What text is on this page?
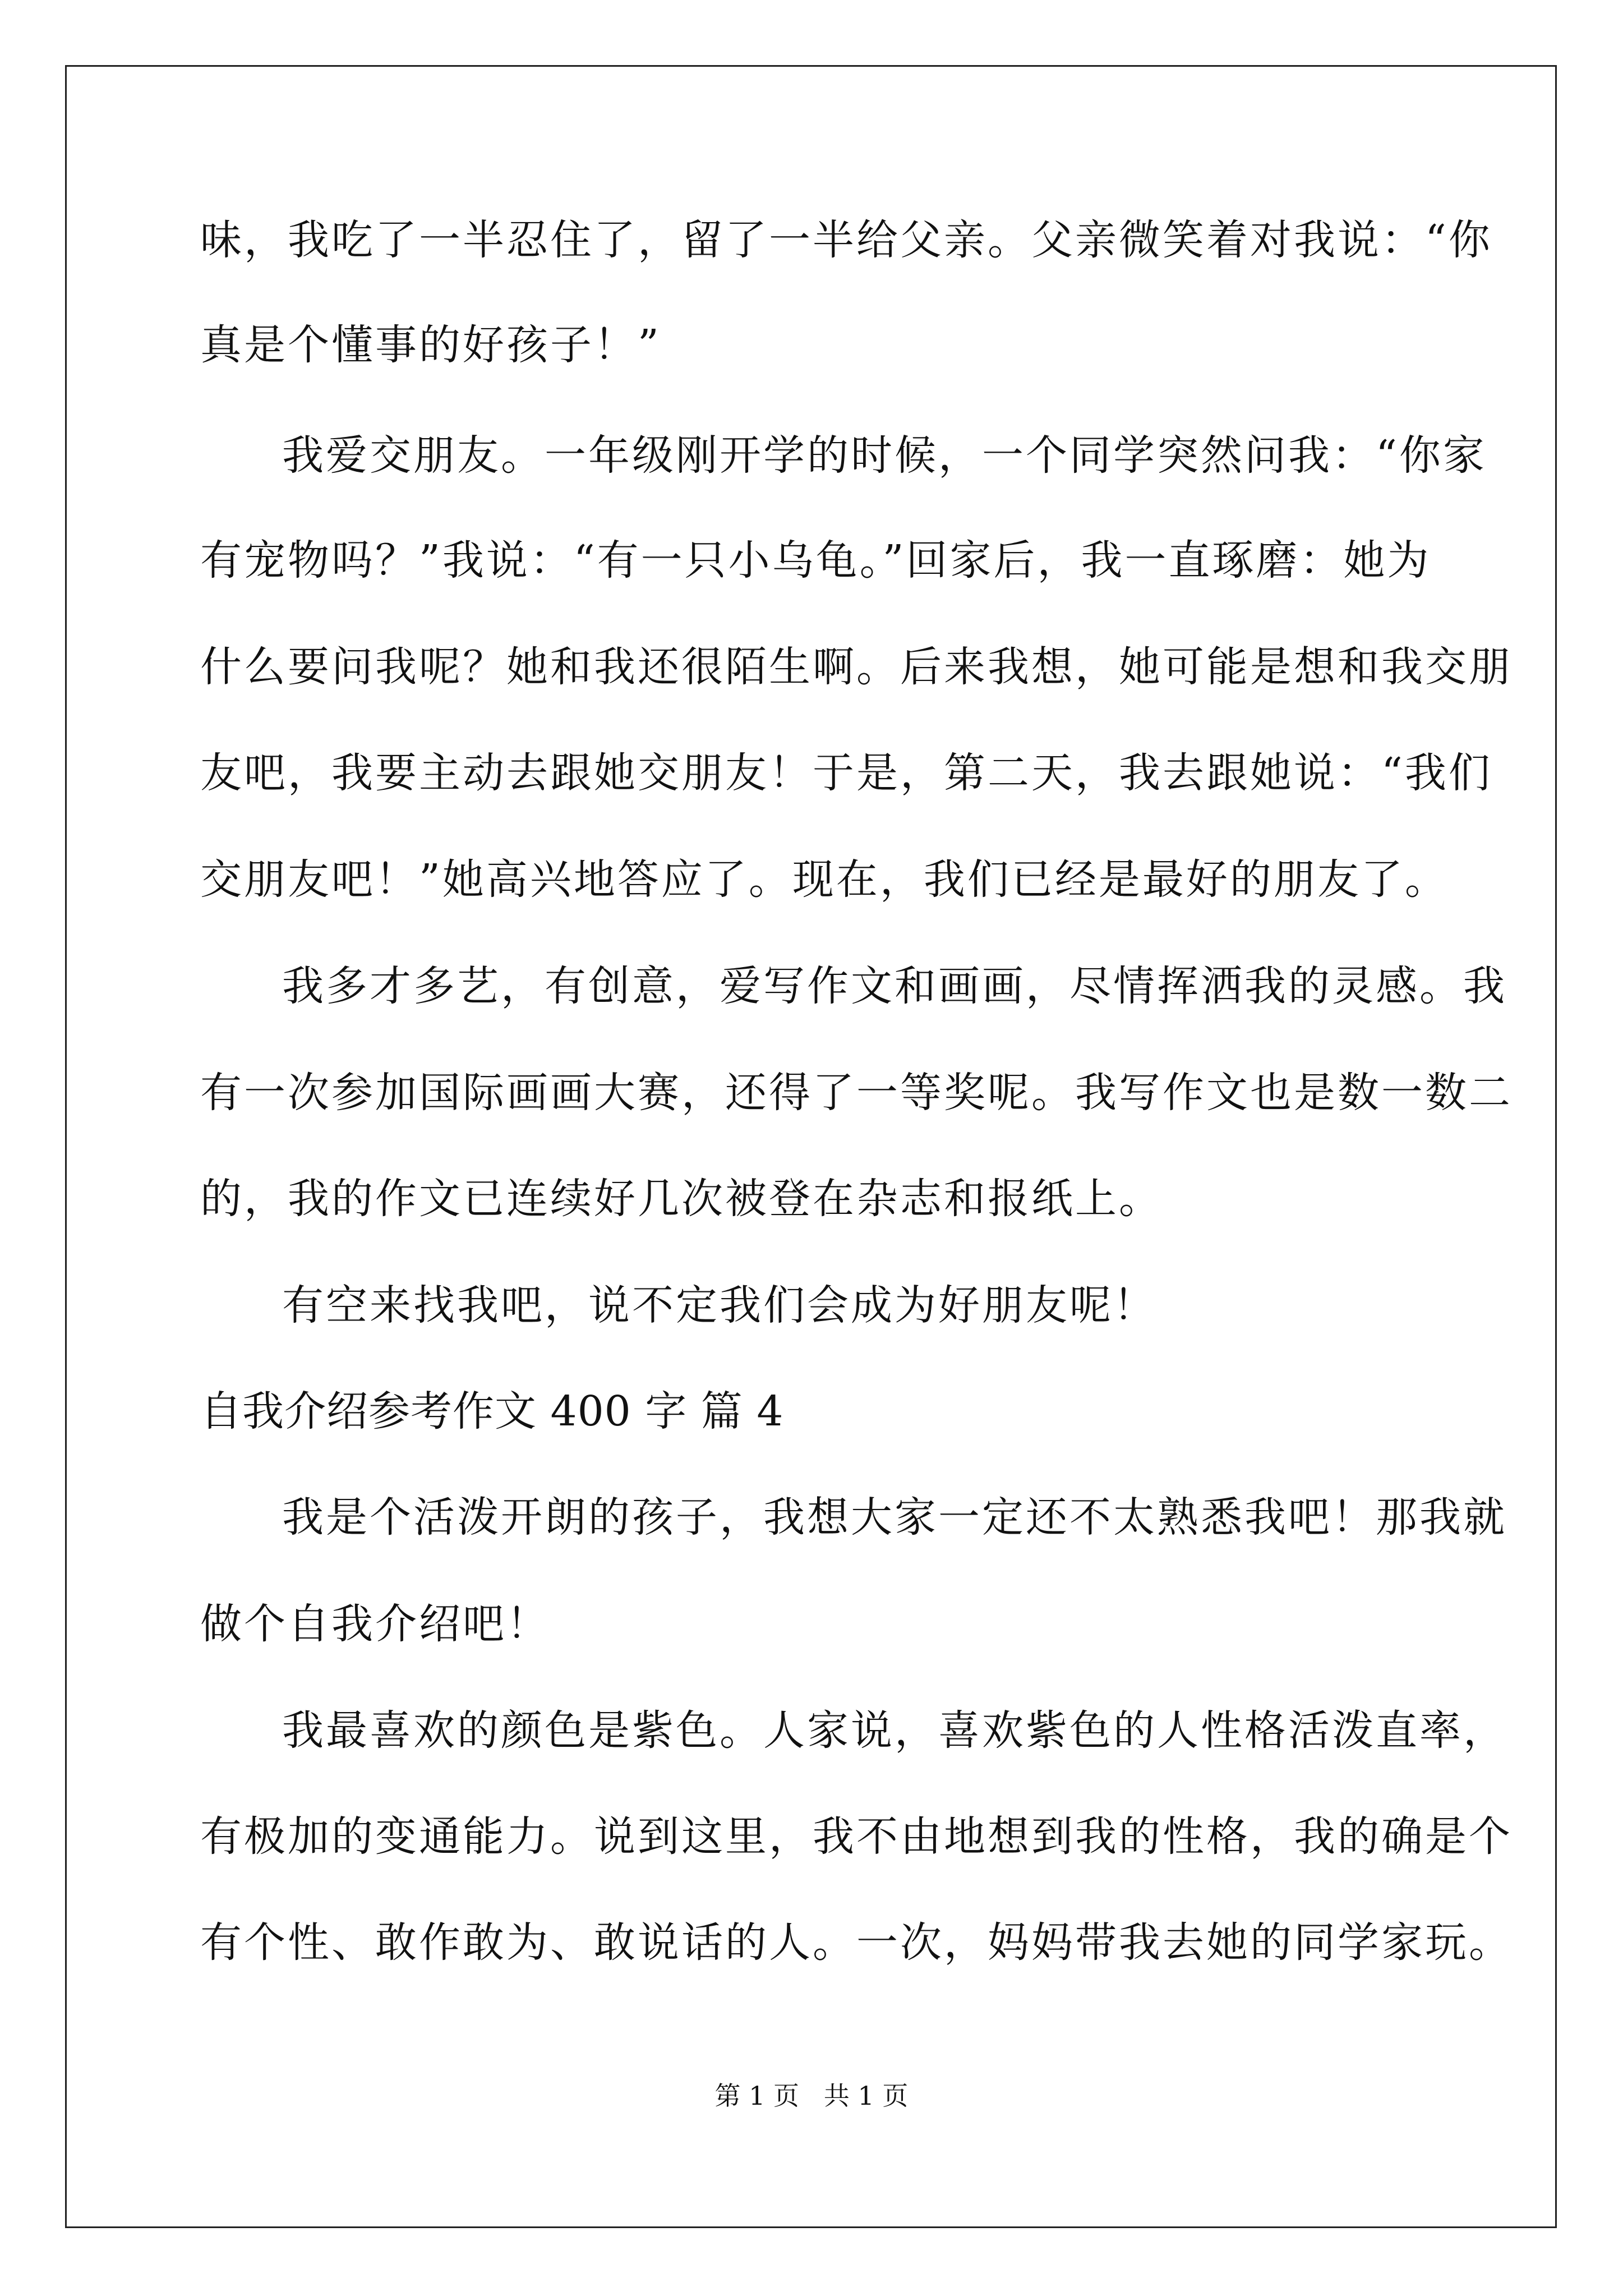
味，我吃了一半忍住了，留了一半给父亲。父亲微笑着对我说：“你
真是个懂事的好孩子！”
我爱交朋友。一年级刚开学的时候，一个同学突然问我：“你家
有宠物吗？”我说：“有一只小乌龟。”回家后，我一直琢磨：她为
什么要问我呢？她和我还很陌生啊。后来我想，她可能是想和我交朋
友吧，我要主动去跟她交朋友！于是，第二天，我去跟她说：“我们
交朋友吧！”她高兴地答应了。现在，我们已经是最好的朋友了。
我多才多艺，有创意，爱写作文和画画，尽情挥洒我的灵感。我
有一次参加国际画画大赛，还得了一等奖呢。我写作文也是数一数二
的，我的作文已连续好几次被登在杂志和报纸上。
有空来找我吧，说不定我们会成为好朋友呢！
自我介绍参考作文 400 字 篇 4
我是个活泼开朗的孩子，我想大家一定还不太熟悉我吧！那我就
做个自我介绍吧！
我最喜欢的颜色是紫色。人家说，喜欢紫色的人性格活泼直率，
有极加的变通能力。说到这里，我不由地想到我的性格，我的确是个
有个性、敢作敢为、敢说话的人。一次，妈妈带我去她的同学家玩。
第 1 页   共 1 页
